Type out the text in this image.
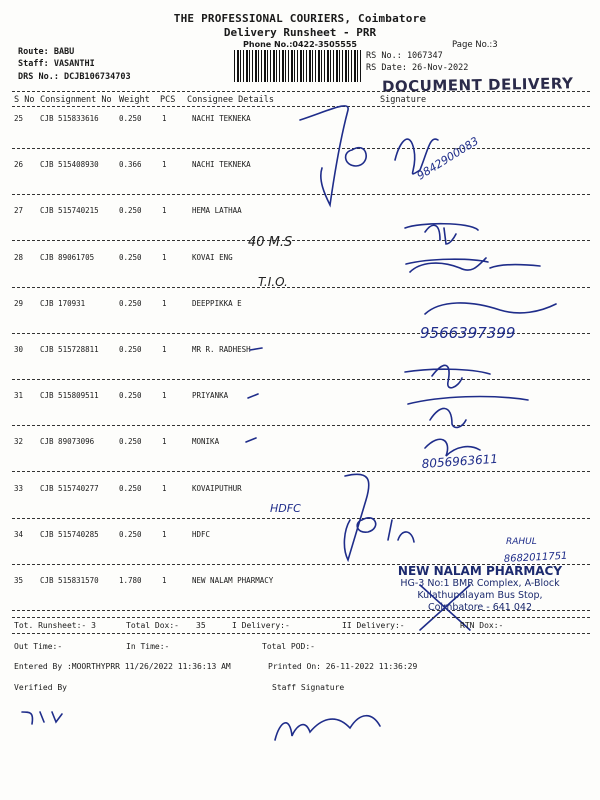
THE PROFESSIONAL COURIERS, Coimbatore
Delivery Runsheet - PRR
Phone No.:0422-3505555	Page No.:3
Route: BABU
Staff: VASANTHI
DRS No.: DCJB106734703
RS No.: 1067347
RS Date: 26-Nov-2022
DOCUMENT DELIVERY
S No Consignment No Weight PCS Consignee Details	Signature
25 CJB 515833616	0.250	1	NACHI TEKNEKA
26 CJB 515408930	0.366	1	NACHI TEKNEKA
27 CJB 515740215	0.250	1	HEMA LATHAA
28 CJB 89061705	0.250	1	KOVAI ENG
29 CJB 170931	0.250	1	DEEPPIKKA E
30 CJB 515728811	0.250	1	MR R. RADHESH
31 CJB 515809511	0.250	1	PRIYANKA
32 CJB 89073096	0.250	1	MONIKA
33 CJB 515740277	0.250	1	KOVAIPUTHUR
34 CJB 515740285	0.250	1	HDFC
35 CJB 515831570	1.780	1	NEW NALAM PHARMACY
NEW NALAM PHARMACY
HG-3 No:1 BMR Complex, A-Block
Kulathupalayam Bus Stop,
Coimbatore - 641 042
9842900083
9566397399
8056963611
RAHUL
8682011751
HDFC
40 M.S
T.I.O.
Tot. Runsheet:- 3	Total Dox:- 35	I Delivery:-	II Delivery:-	RTN Dox:-
Out Time:-	In Time:-	Total POD:-
Entered By :MOORTHYPRR 11/26/2022 11:36:13 AM	Printed On: 26-11-2022 11:36:29
Verified By	Staff Signature
